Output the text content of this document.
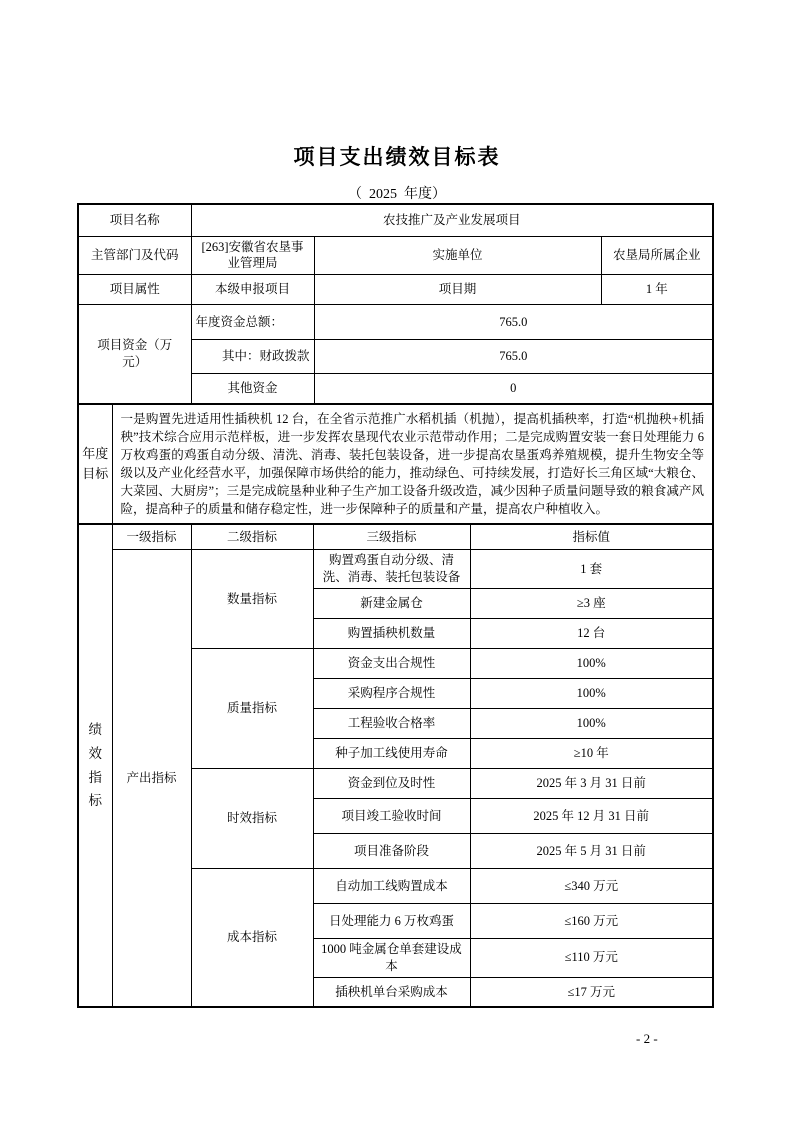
项目支出绩效目标表
（  2025  年度）
项目名称	农技推广及产业发展项目		
主管部门及代码	[263]安徽省农垦事业管理局	实施单位	农垦局所属企业
项目属性	本级申报项目	项目期	1 年
项目资金（万元）	年度资金总额：	765.0	
	其中：财政拨款	765.0	
	其他资金	0	
年度目标	一是购置先进适用性插秧机 12 台，在全省示范推广水稻机插（机抛），提高机插秧率，打造“机抛秧+机插秧”技术综合应用示范样板，进一步发挥农垦现代农业示范带动作用；二是完成购置安装一套日处理能力 6 万枚鸡蛋的鸡蛋自动分级、清洗、消毒、装托包装设备，进一步提高农垦蛋鸡养殖规模，提升生物安全等级以及产业化经营水平，加强保障市场供给的能力，推动绿色、可持续发展，打造好长三角区域“大粮仓、大菜园、大厨房”；三是完成皖垦种业种子生产加工设备升级改造，减少因种子质量问题导致的粮食减产风险，提高种子的质量和储存稳定性，进一步保障种子的质量和产量，提高农户种植收入。
绩效指标	一级指标	二级指标	三级指标	指标值
	产出指标	数量指标	购置鸡蛋自动分级、清洗、消毒、装托包装设备	1 套
			新建金属仓	≥3 座
			购置插秧机数量	12 台
		质量指标	资金支出合规性	100%
			采购程序合规性	100%
			工程验收合格率	100%
			种子加工线使用寿命	≥10 年
		时效指标	资金到位及时性	2025 年 3 月 31 日前
			项目竣工验收时间	2025 年 12 月 31 日前
			项目准备阶段	2025 年 5 月 31 日前
		成本指标	自动加工线购置成本	≤340 万元
			日处理能力 6 万枚鸡蛋	≤160 万元
			1000 吨金属仓单套建设成本	≤110 万元
			插秧机单台采购成本	≤17 万元
- 2 -
